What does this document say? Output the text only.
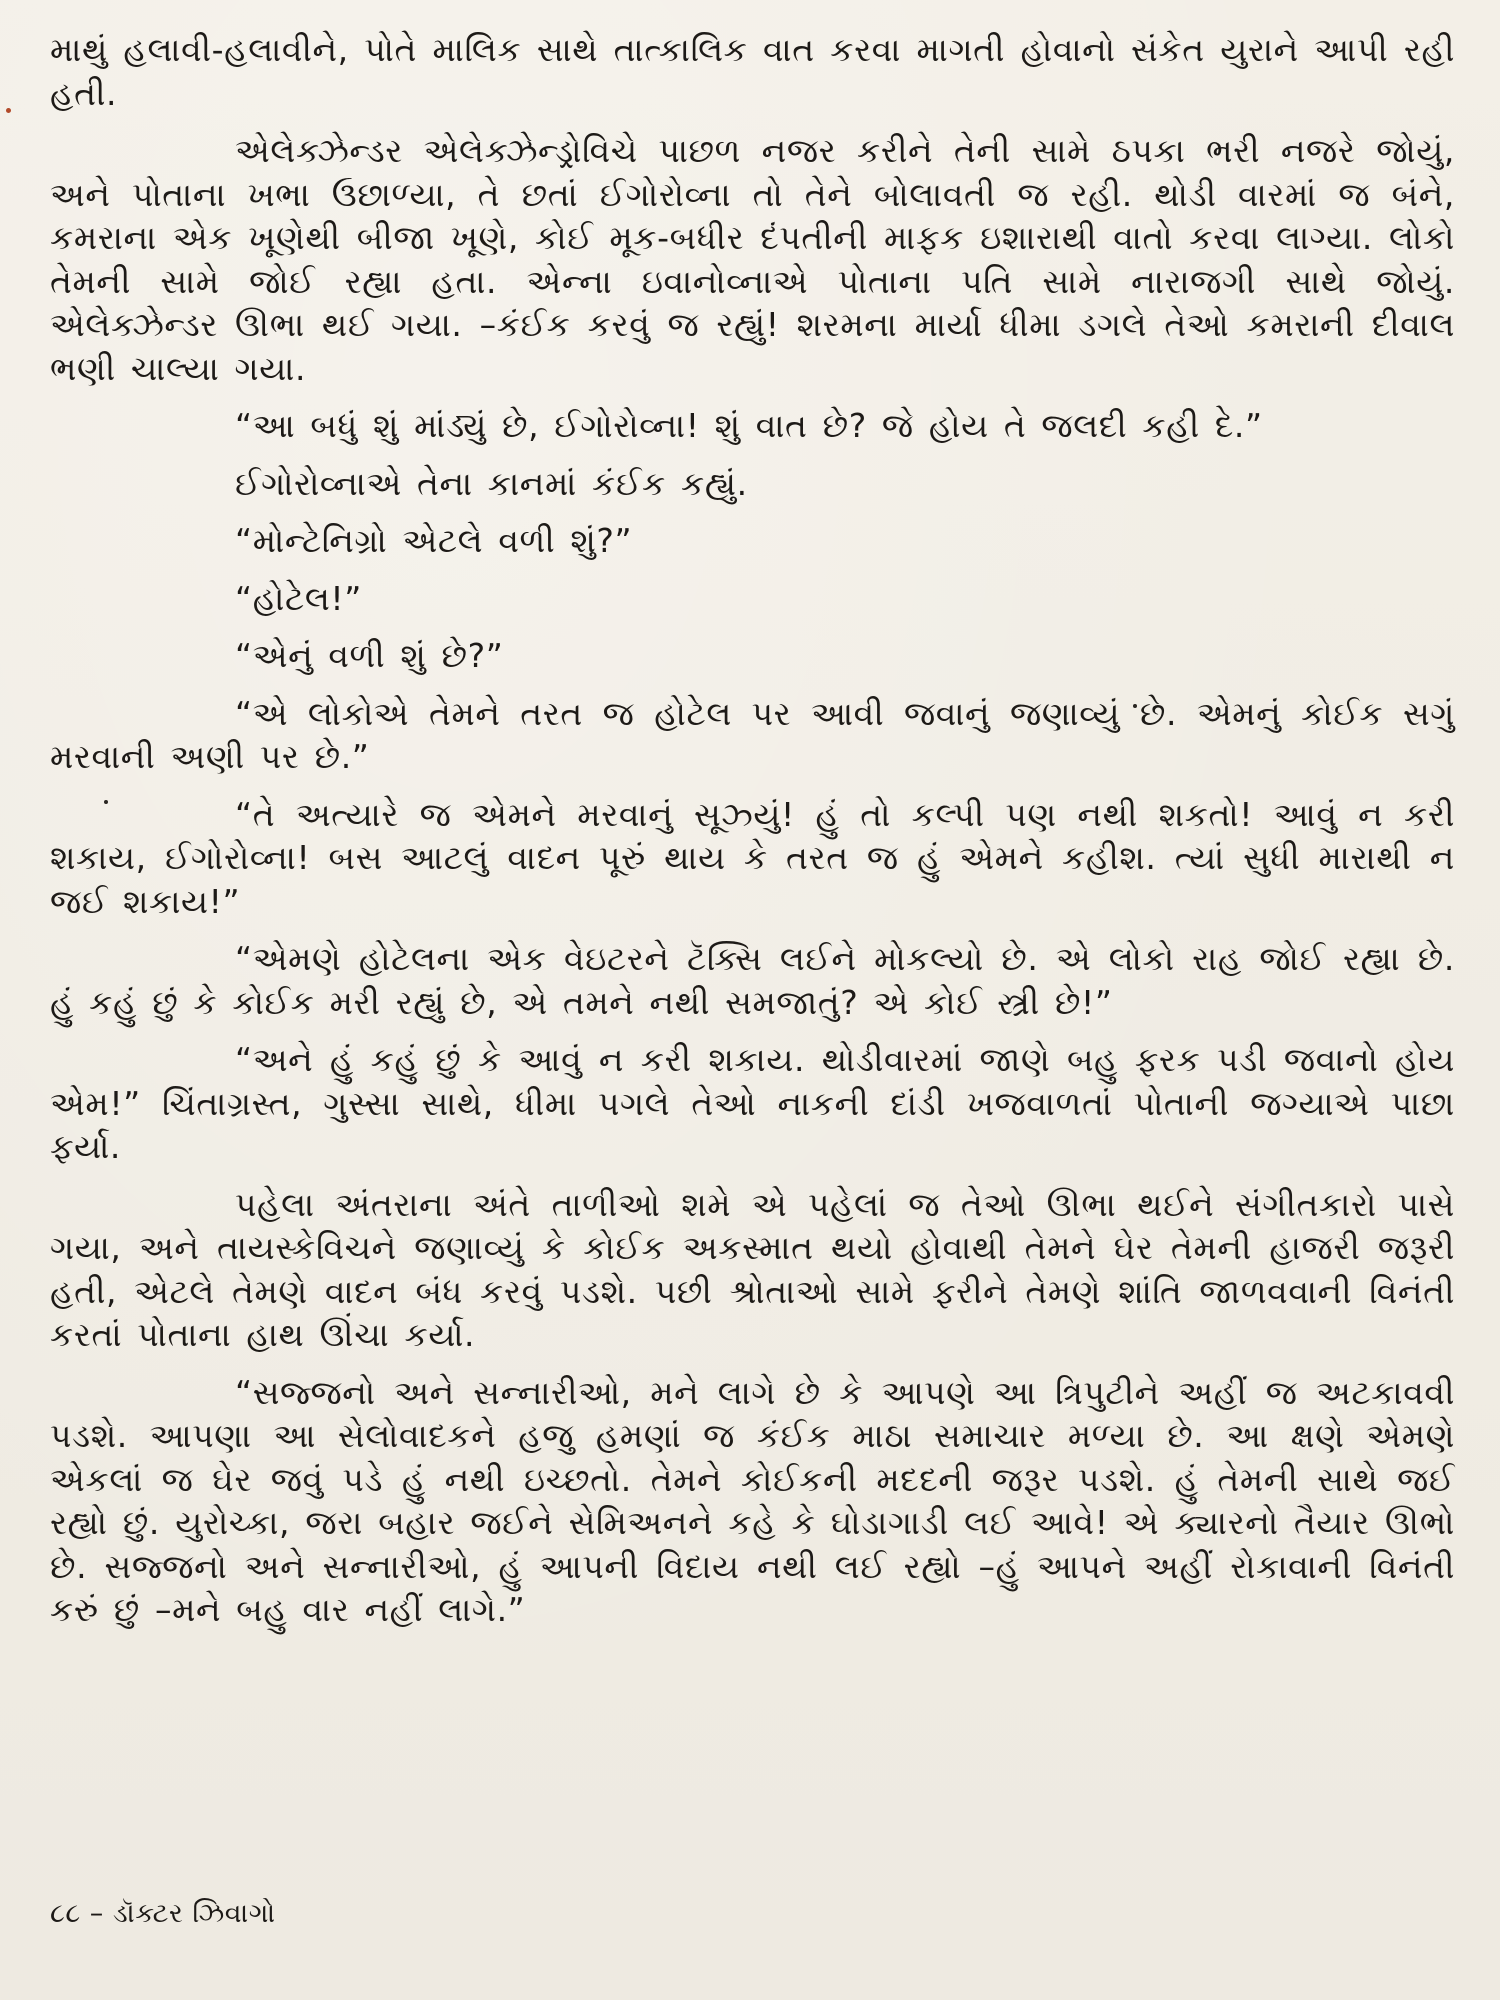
માથું હલાવી-હલાવીને, પોતે માલિક સાથે તાત્કાલિક વાત કરવા માગતી હોવાનો સંકેત યુરાને આપી રહી હતી.

એલેક્ઝેન્ડર એલેક્ઝેન્ડ્રોવિચે પાછળ નજર કરીને તેની સામે ઠપકા ભરી નજરે જોયું, અને પોતાના ખભા ઉછાળ્યા, તે છતાં ઈગોરોવ્ના તો તેને બોલાવતી જ રહી. થોડી વારમાં જ બંને, કમરાના એક ખૂણેથી બીજા ખૂણે, કોઈ મૂક-બધીર દંપતીની માફક ઇશારાથી વાતો કરવા લાગ્યા. લોકો તેમની સામે જોઈ રહ્યા હતા. એન્ના ઇવાનોવ્નાએ પોતાના પતિ સામે નારાજગી સાથે જોયું. એલેક્ઝેન્ડર ઊભા થઈ ગયા. –કંઈક કરવું જ રહ્યું! શરમના માર્યા ધીમા ડગલે તેઓ કમરાની દીવાલ ભણી ચાલ્યા ગયા.

“આ બધું શું માંડ્યું છે, ઈગોરોવ્ના! શું વાત છે? જે હોય તે જલદી કહી દે.”

ઈગોરોવ્નાએ તેના કાનમાં કંઈક કહ્યું.

“મોન્ટેનિગ્રો એટલે વળી શું?”

“હોટેલ!”

“એનું વળી શું છે?”

“એ લોકોએ તેમને તરત જ હોટેલ પર આવી જવાનું જણાવ્યું છે. એમનું કોઈક સગું મરવાની અણી પર છે.”

“તે અત્યારે જ એમને મરવાનું સૂઝ્યું! હું તો કલ્પી પણ નથી શકતો! આવું ન કરી શકાય, ઈગોરોવ્ના! બસ આટલું વાદન પૂરું થાય કે તરત જ હું એમને કહીશ. ત્યાં સુધી મારાથી ન જઈ શકાય!”

“એમણે હોટેલના એક વેઇટરને ટૅક્સિ લઈને મોકલ્યો છે. એ લોકો રાહ જોઈ રહ્યા છે. હું કહું છું કે કોઈક મરી રહ્યું છે, એ તમને નથી સમજાતું? એ કોઈ સ્ત્રી છે!”

“અને હું કહું છું કે આવું ન કરી શકાય. થોડીવારમાં જાણે બહુ ફરક પડી જવાનો હોય એમ!” ચિંતાગ્રસ્ત, ગુસ્સા સાથે, ધીમા પગલે તેઓ નાકની દાંડી ખજવાળતાં પોતાની જગ્યાએ પાછા ફર્યા.

પહેલા અંતરાના અંતે તાળીઓ શમે એ પહેલાં જ તેઓ ઊભા થઈને સંગીતકારો પાસે ગયા, અને તાયસ્કેવિચને જણાવ્યું કે કોઈક અકસ્માત થયો હોવાથી તેમને ઘેર તેમની હાજરી જરૂરી હતી, એટલે તેમણે વાદન બંધ કરવું પડશે. પછી શ્રોતાઓ સામે ફરીને તેમણે શાંતિ જાળવવાની વિનંતી કરતાં પોતાના હાથ ઊંચા કર્યા.

“સજ્જનો અને સન્નારીઓ, મને લાગે છે કે આપણે આ ત્રિપુટીને અહીં જ અટકાવવી પડશે. આપણા આ સેલોવાદકને હજુ હમણાં જ કંઈક માઠા સમાચાર મળ્યા છે. આ ક્ષણે એમણે એકલાં જ ઘેર જવું પડે હું નથી ઇચ્છતો. તેમને કોઈકની મદદની જરૂર પડશે. હું તેમની સાથે જઈ રહ્યો છું. યુરોચ્કા, જરા બહાર જઈને સેમિઅનને કહે કે ઘોડાગાડી લઈ આવે! એ ક્યારનો તૈયાર ઊભો છે. સજ્જનો અને સન્નારીઓ, હું આપની વિદાય નથી લઈ રહ્યો –હું આપને અહીં રોકાવાની વિનંતી કરું છું –મને બહુ વાર નહીં લાગે.”

૮૮ – ડૉક્ટર ઝિવાગો
